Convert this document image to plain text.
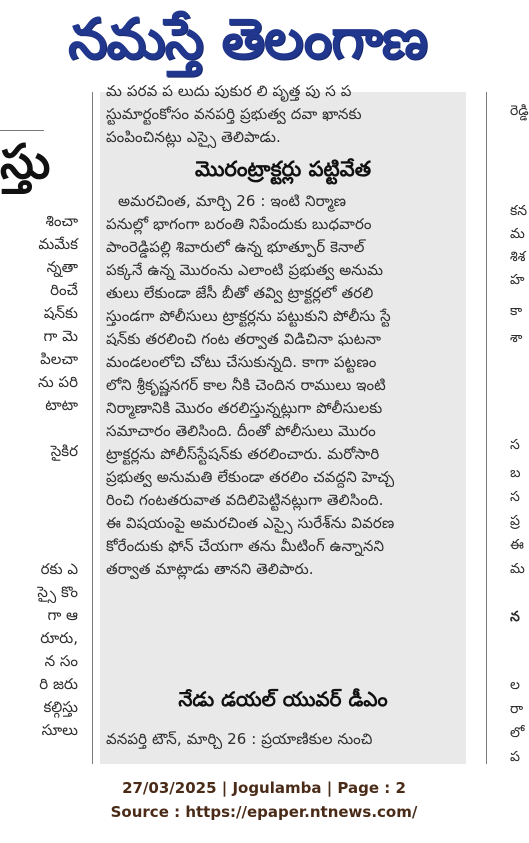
నమస్తే తెలంగాణ
స్తు
శించా
మమేక
న్నతా
రించే
షన్‌కు
గా మె
పిలచా
ను పరి
టాటా
సైకిర
రకు ఎ
స్సై కొం
గా ఆ
రూరు,
న సం
రి జరు
కల్గిస్తు
సూలు
మ పరవ ప లుదు పుకుర లి పృత్త పు స ప
స్టుమార్టంకోసం వనపర్తి ప్రభుత్వ దవా ఖానకు
పంపించినట్లు ఎస్సై తెలిపాడు.
మొరంట్రాక్టర్లు పట్టివేత
అమరచింత, మార్చి 26 : ఇంటి నిర్మాణ
పనుల్లో భాగంగా బరంతి నిపేందుకు బుధవారం
పాంరెడ్డిపల్లి శివారులో ఉన్న భూత్పూర్ కెనాల్
పక్కనే ఉన్న మొరంను ఎలాంటి ప్రభుత్వ అనుమ
తులు లేకుండా జేసీ బీతో తవ్వి ట్రాక్టర్లలో తరలి
స్తుండగా పోలీసులు ట్రాక్టర్లను పట్టుకుని పోలీసు స్టే
షన్‌కు తరలించి గంట తర్వాత విడిచినా ఘటనా
మండలంలోచి చోటు చేసుకున్నది. కాగా పట్టణం
లోని శ్రీకృష్ణనగర్ కాల నీకి చెందిన రాములు ఇంటి
నిర్మాణానికి మొరం తరలిస్తున్నట్లుగా పోలీసులకు
సమాచారం తెలిసింది. దీంతో పోలీసులు మొరం
ట్రాక్టర్లను పోలీస్‌స్టేషన్‌కు తరలించారు. మరోసారి
ప్రభుత్వ అనుమతి లేకుండా తరలిం చవద్దని హెచ్చ
రించి గంటతరువాత వదిలిపెట్టినట్లుగా తెలిసింది.
ఈ విషయంపై అమరచింత ఎస్సై సురేశ్‌ను వివరణ
కోరేందుకు ఫోన్ చేయగా తను మీటింగ్ ఉన్నానని
తర్వాత మాట్లాడు తానని తెలిపారు.
నేడు డయల్ యువర్ డీఎం
వనపర్తి టౌన్, మార్చి 26 : ప్రయాణికుల నుంచి
రెడ్డి
కన
మ
శిశ
హ
కా
శా
స
బ
స
ప్ర
ఈ
మ
న
ల
రా
లో
ప
27/03/2025 | Jogulamba | Page : 2
Source : https://epaper.ntnews.com/
